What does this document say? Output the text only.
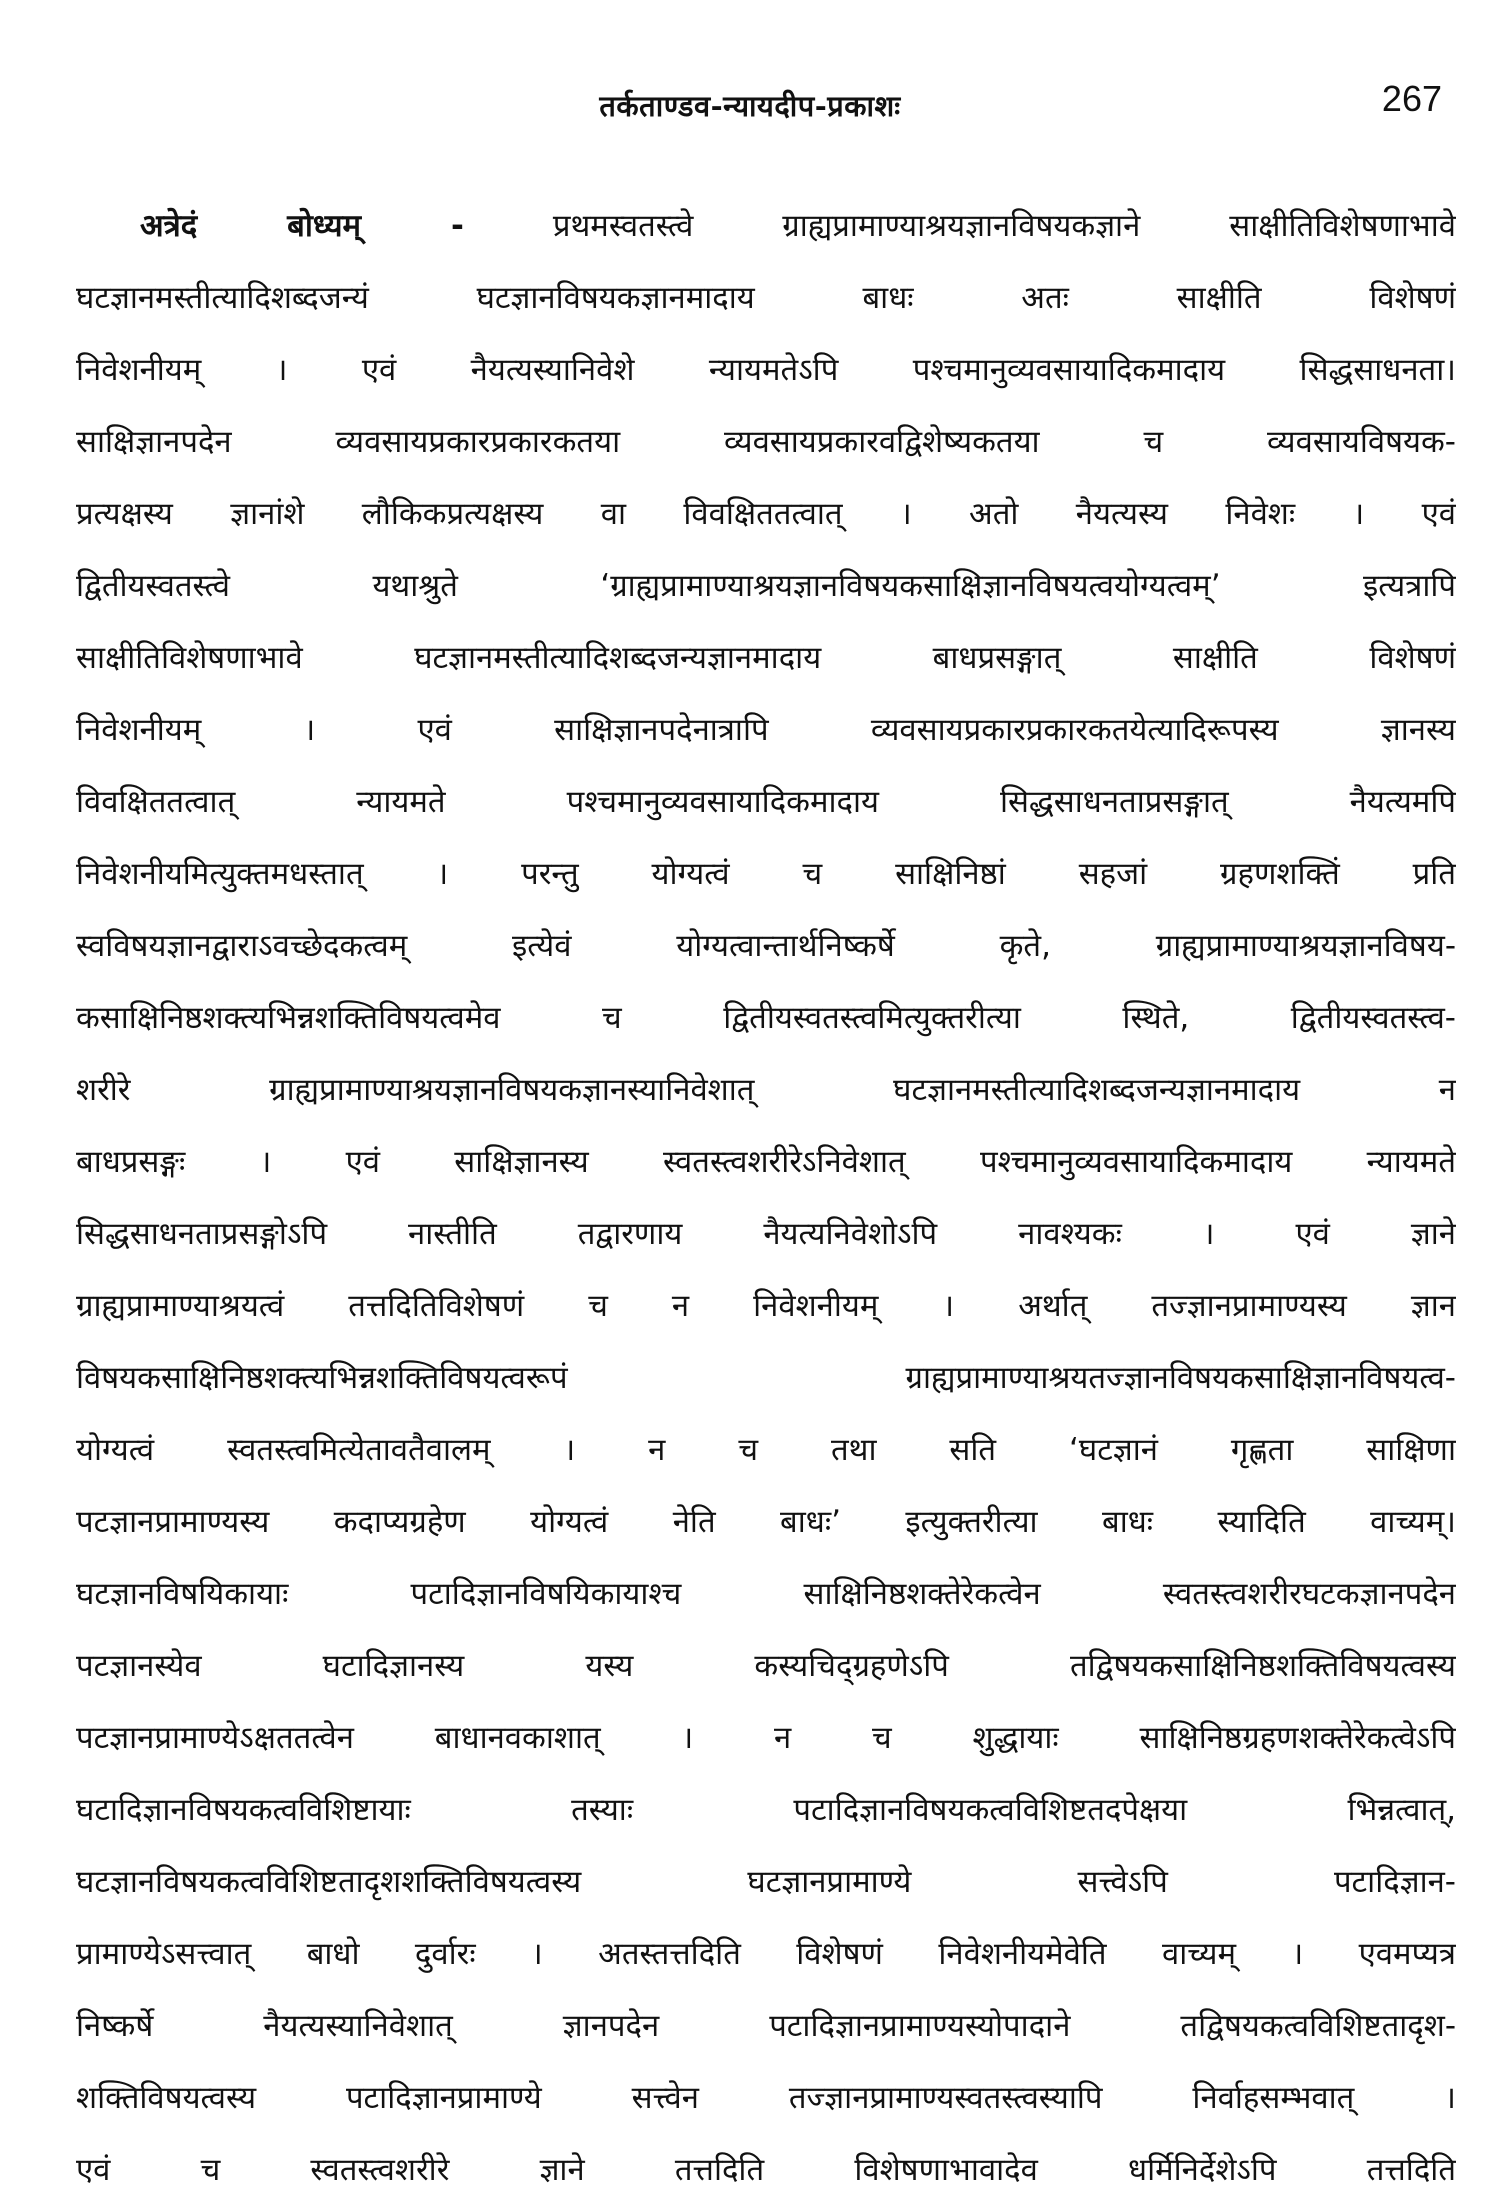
तर्कताण्डव-न्यायदीप-प्रकाशः	267
अत्रेदं बोध्यम् - प्रथमस्वतस्त्वे ग्राह्यप्रामाण्याश्रयज्ञानविषयकज्ञाने साक्षीतिविशेषणाभावे
घटज्ञानमस्तीत्यादिशब्दजन्यं घटज्ञानविषयकज्ञानमादाय बाधः अतः साक्षीति विशेषणं
निवेशनीयम् । एवं नैयत्यस्यानिवेशे न्यायमतेऽपि पश्चमानुव्यवसायादिकमादाय सिद्धसाधनता।
साक्षिज्ञानपदेन व्यवसायप्रकारप्रकारकतया व्यवसायप्रकारवद्विशेष्यकतया च व्यवसायविषयक-
प्रत्यक्षस्य ज्ञानांशे लौकिकप्रत्यक्षस्य वा विवक्षिततत्वात् । अतो नैयत्यस्य निवेशः । एवं
द्वितीयस्वतस्त्वे यथाश्रुते ‘ग्राह्यप्रामाण्याश्रयज्ञानविषयकसाक्षिज्ञानविषयत्वयोग्यत्वम्’ इत्यत्रापि
साक्षीतिविशेषणाभावे घटज्ञानमस्तीत्यादिशब्दजन्यज्ञानमादाय बाधप्रसङ्गात् साक्षीति विशेषणं
निवेशनीयम् । एवं साक्षिज्ञानपदेनात्रापि व्यवसायप्रकारप्रकारकतयेत्यादिरूपस्य ज्ञानस्य
विवक्षिततत्वात् न्यायमते पश्चमानुव्यवसायादिकमादाय सिद्धसाधनताप्रसङ्गात् नैयत्यमपि
निवेशनीयमित्युक्तमधस्तात् । परन्तु योग्यत्वं च साक्षिनिष्ठां सहजां ग्रहणशक्तिं प्रति
स्वविषयज्ञानद्वाराऽवच्छेदकत्वम् इत्येवं योग्यत्वान्तार्थनिष्कर्षे कृते, ग्राह्यप्रामाण्याश्रयज्ञानविषय-
कसाक्षिनिष्ठशक्त्यभिन्नशक्तिविषयत्वमेव च द्वितीयस्वतस्त्वमित्युक्तरीत्या स्थिते, द्वितीयस्वतस्त्व-
शरीरे ग्राह्यप्रामाण्याश्रयज्ञानविषयकज्ञानस्यानिवेशात् घटज्ञानमस्तीत्यादिशब्दजन्यज्ञानमादाय न
बाधप्रसङ्गः । एवं साक्षिज्ञानस्य स्वतस्त्वशरीरेऽनिवेशात् पश्चमानुव्यवसायादिकमादाय न्यायमते
सिद्धसाधनताप्रसङ्गोऽपि नास्तीति तद्वारणाय नैयत्यनिवेशोऽपि नावश्यकः । एवं ज्ञाने
ग्राह्यप्रामाण्याश्रयत्वं तत्तदितिविशेषणं च न निवेशनीयम् । अर्थात् तज्ज्ञानप्रामाण्यस्य ज्ञान
विषयकसाक्षिनिष्ठशक्त्यभिन्नशक्तिविषयत्वरूपं ग्राह्यप्रामाण्याश्रयतज्ज्ञानविषयकसाक्षिज्ञानविषयत्व-
योग्यत्वं स्वतस्त्वमित्येतावतैवालम् । न च तथा सति ‘घटज्ञानं गृह्णता साक्षिणा
पटज्ञानप्रामाण्यस्य कदाप्यग्रहेण योग्यत्वं नेति बाधः’ इत्युक्तरीत्या बाधः स्यादिति वाच्यम्।
घटज्ञानविषयिकायाः पटादिज्ञानविषयिकायाश्च साक्षिनिष्ठशक्तेरेकत्वेन स्वतस्त्वशरीरघटकज्ञानपदेन
पटज्ञानस्येव घटादिज्ञानस्य यस्य कस्यचिद्ग्रहणेऽपि तद्विषयकसाक्षिनिष्ठशक्तिविषयत्वस्य
पटज्ञानप्रामाण्येऽक्षततत्वेन बाधानवकाशात् । न च शुद्धायाः साक्षिनिष्ठग्रहणशक्तेरेकत्वेऽपि
घटादिज्ञानविषयकत्वविशिष्टायाः तस्याः पटादिज्ञानविषयकत्वविशिष्टतदपेक्षया भिन्नत्वात्,
घटज्ञानविषयकत्वविशिष्टतादृशशक्तिविषयत्वस्य घटज्ञानप्रामाण्ये सत्त्वेऽपि पटादिज्ञान-
प्रामाण्येऽसत्त्वात् बाधो दुर्वारः । अतस्तत्तदिति विशेषणं निवेशनीयमेवेति वाच्यम् । एवमप्यत्र
निष्कर्षे नैयत्यस्यानिवेशात् ज्ञानपदेन पटादिज्ञानप्रामाण्यस्योपादाने तद्विषयकत्वविशिष्टतादृश-
शक्तिविषयत्वस्य पटादिज्ञानप्रामाण्ये सत्त्वेन तज्ज्ञानप्रामाण्यस्वतस्त्वस्यापि निर्वाहसम्भवात् ।
एवं च स्वतस्त्वशरीरे ज्ञाने तत्तदिति विशेषणाभावादेव धर्मिनिर्देशेऽपि तत्तदिति
